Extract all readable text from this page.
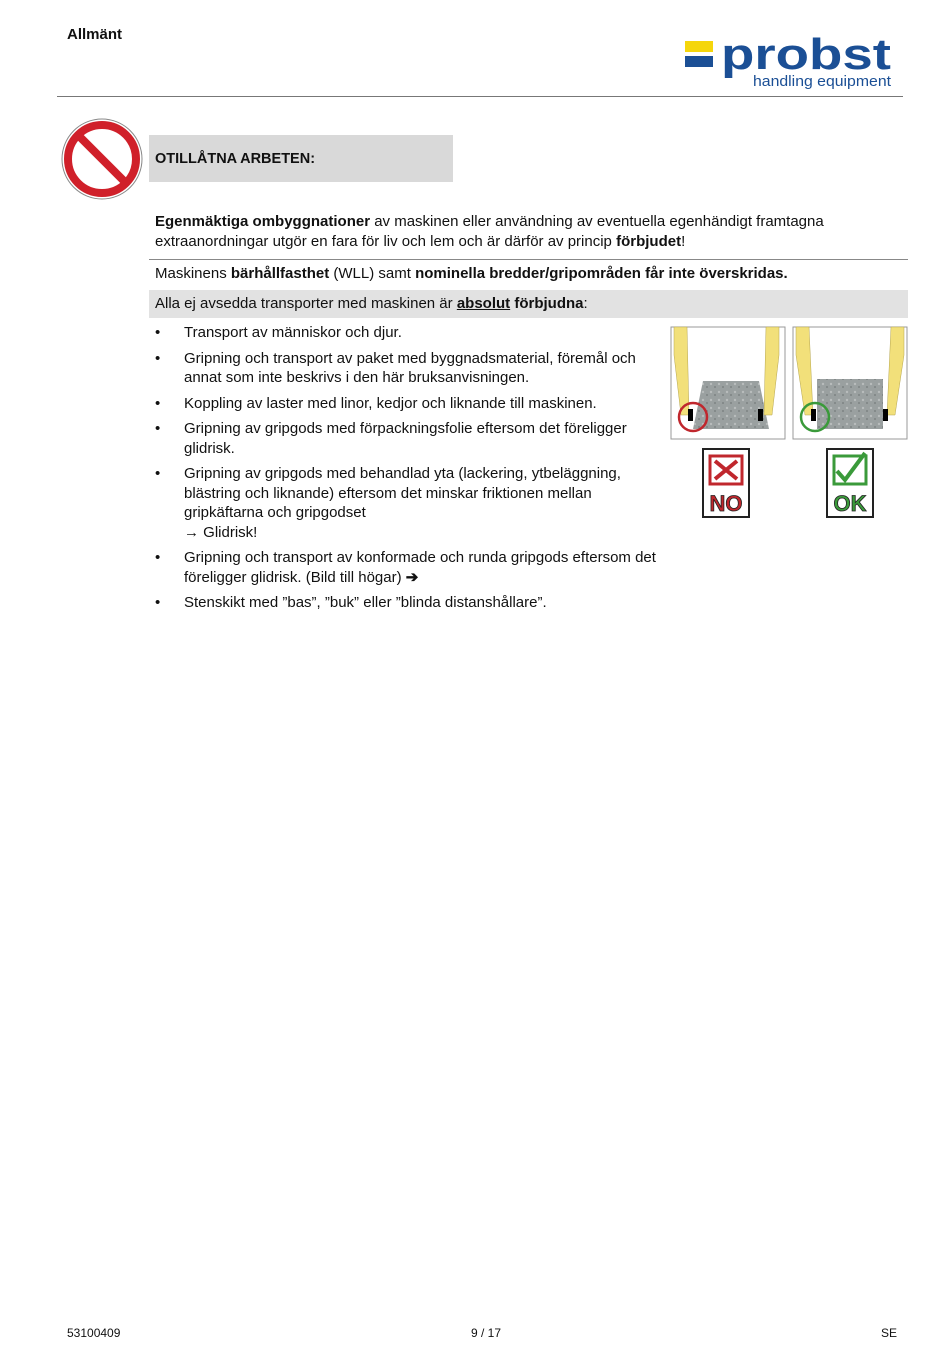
Allmänt	probst
handling equipment
OTILLÅTNA ARBETEN:
Egenmäktiga ombyggnationer av maskinen eller användning av eventuella egenhändigt framtagna extraanordningar utgör en fara för liv och lem och är därför av princip förbjudet!
Maskinens bärhållfasthet (WLL) samt nominella bredder/gripområden får inte överskridas.
Alla ej avsedda transporter med maskinen är absolut förbjudna:
• Transport av människor och djur.
• Gripning och transport av paket med byggnadsmaterial, föremål och annat som inte beskrivs i den här bruksanvisningen.
• Koppling av laster med linor, kedjor och liknande till maskinen.
• Gripning av gripgods med förpackningsfolie eftersom det föreligger glidrisk.
• Gripning av gripgods med behandlad yta (lackering, ytbeläggning, blästring och liknande) eftersom det minskar friktionen mellan gripkäftarna och gripgodset
→ Glidrisk!
• Gripning och transport av konformade och runda gripgods eftersom det föreligger glidrisk. (Bild till högar) ➔
• Stenskikt med ”bas”, ”buk” eller ”blinda distanshållare”.
NO	OK
53100409	9 / 17	SE
